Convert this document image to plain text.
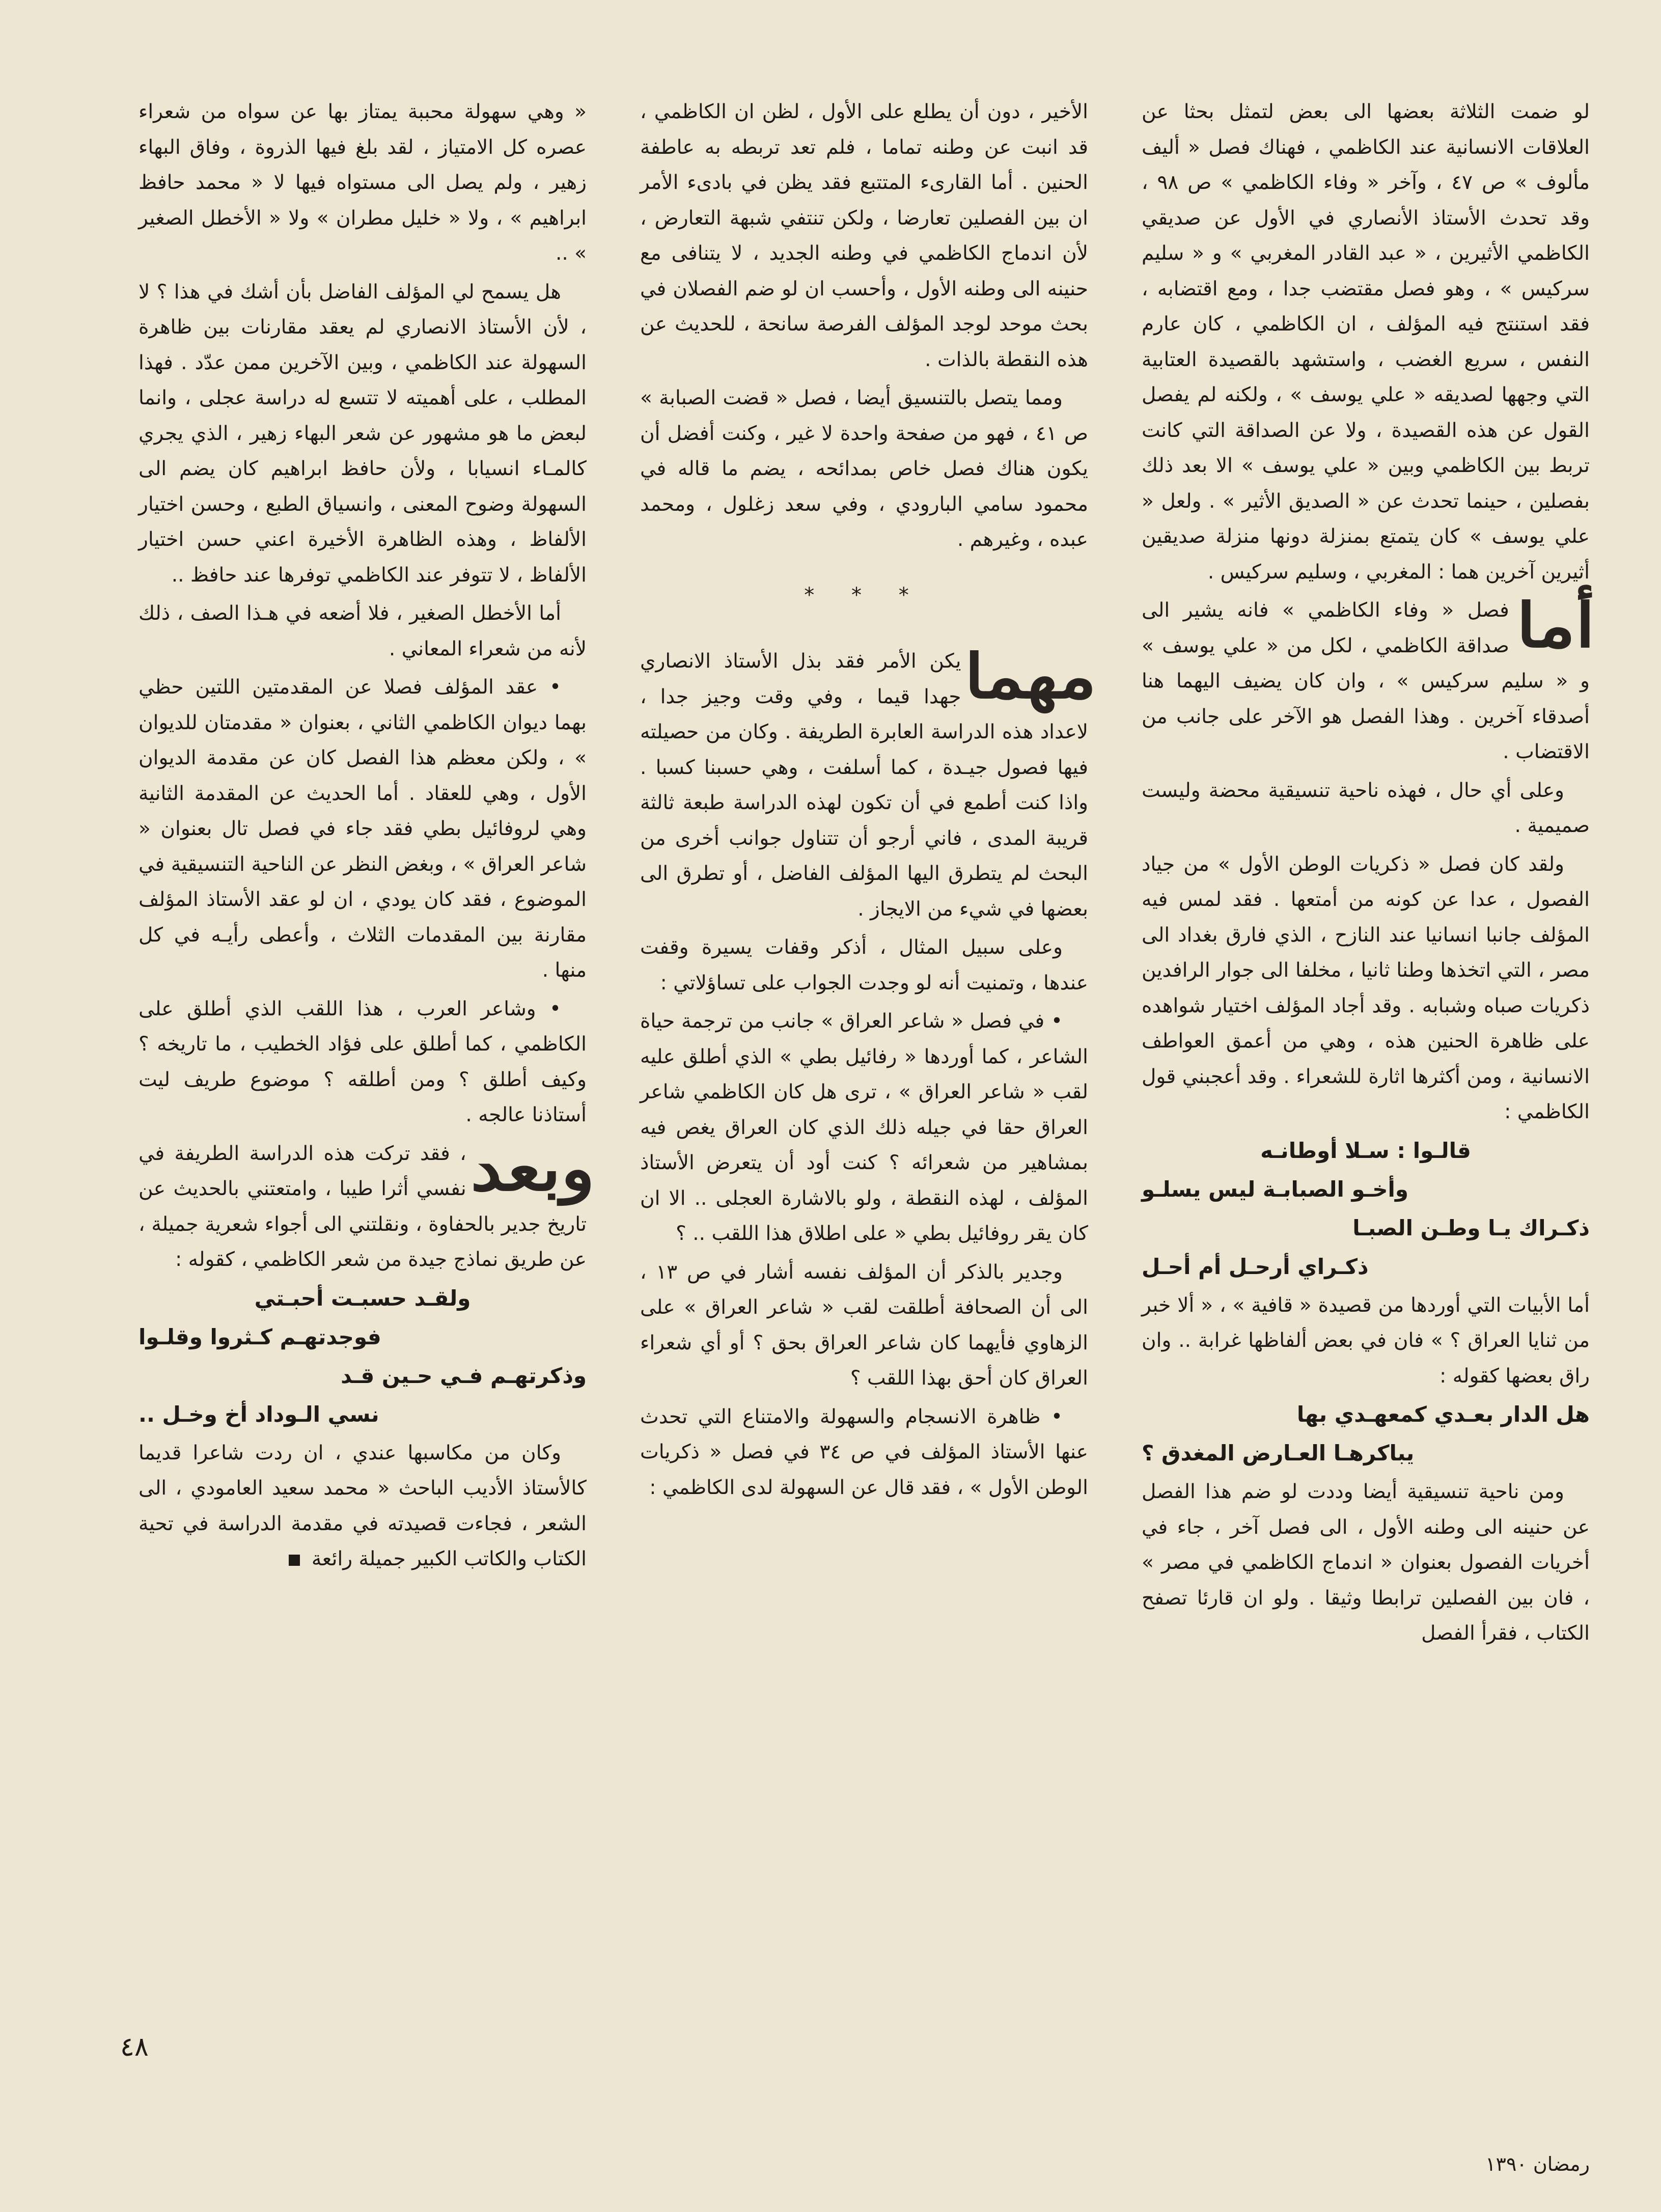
لو ضمت الثلاثة بعضها الى بعض لتمثل بحثا عن العلاقات الانسانية عند الكاظمي ، فهناك فصل « أليف مألوف » ص ٤٧ ، وآخر « وفاء الكاظمي » ص ٩٨ ، وقد تحدث الأستاذ الأنصاري في الأول عن صديقي الكاظمي الأثيرين ، « عبد القادر المغربي » و « سليم سركيس » ، وهو فصل مقتضب جدا ، ومع اقتضابه ، فقد استنتج فيه المؤلف ، ان الكاظمي ، كان عارم النفس ، سريع الغضب ، واستشهد بالقصيدة العتابية التي وجهها لصديقه « علي يوسف » ، ولكنه لم يفصل القول عن هذه القصيدة ، ولا عن الصداقة التي كانت تربط بين الكاظمي وبين « علي يوسف » الا بعد ذلك بفصلين ، حينما تحدث عن « الصديق الأثير » . ولعل « علي يوسف » كان يتمتع بمنزلة دونها منزلة صديقين أثيرين آخرين هما : المغربي ، وسليم سركيس .

أما
فصل « وفاء الكاظمي » فانه يشير الى صداقة الكاظمي ، لكل من « علي يوسف » و « سليم سركيس » ، وان كان يضيف اليهما هنا أصدقاء آخرين . وهذا الفصل هو الآخر على جانب من الاقتضاب .

وعلى أي حال ، فهذه ناحية تنسيقية محضة وليست صميمية .

ولقد كان فصل « ذكريات الوطن الأول » من جياد الفصول ، عدا عن كونه من أمتعها . فقد لمس فيه المؤلف جانبا انسانيا عند النازح ، الذي فارق بغداد الى مصر ، التي اتخذها وطنا ثانيا ، مخلفا الى جوار الرافدين ذكريات صباه وشبابه . وقد أجاد المؤلف اختيار شواهده على ظاهرة الحنين هذه ، وهي من أعمق العواطف الانسانية ، ومن أكثرها اثارة للشعراء . وقد أعجبني قول الكاظمي :

قالـوا : سـلا أوطانـه

وأخـو الصبابـة ليس يسلـو

ذكـراك يـا وطـن الصبـا

ذكـراي أرحـل أم أحـل

أما الأبيات التي أوردها من قصيدة « قافية » ، « ألا خبر من ثنايا العراق ؟ » فان في بعض ألفاظها غرابة .. وان راق بعضها كقوله :

هل الدار بعـدي كمعهـدي بها

يباكرهـا العـارض المغدق ؟

ومن ناحية تنسيقية أيضا وددت لو ضم هذا الفصل عن حنينه الى وطنه الأول ، الى فصل آخر ، جاء في أخريات الفصول بعنوان « اندماج الكاظمي في مصر » ، فان بين الفصلين ترابطا وثيقا . ولو ان قارئا تصفح الكتاب ، فقرأ الفصل

الأخير ، دون أن يطلع على الأول ، لظن ان الكاظمي ، قد انبت عن وطنه تماما ، فلم تعد تربطه به عاطفة الحنين . أما القارىء المتتبع فقد يظن في بادىء الأمر ان بين الفصلين تعارضا ، ولكن تنتفي شبهة التعارض ، لأن اندماج الكاظمي في وطنه الجديد ، لا يتنافى مع حنينه الى وطنه الأول ، وأحسب ان لو ضم الفصلان في بحث موحد لوجد المؤلف الفرصة سانحة ، للحديث عن هذه النقطة بالذات .

ومما يتصل بالتنسيق أيضا ، فصل « قضت الصبابة » ص ٤١ ، فهو من صفحة واحدة لا غير ، وكنت أفضل أن يكون هناك فصل خاص بمدائحه ، يضم ما قاله في محمود سامي البارودي ، وفي سعد زغلول ، ومحمد عبده ، وغيرهم .

* * *

مهما
يكن الأمر فقد بذل الأستاذ الانصاري جهدا قيما ، وفي وقت وجيز جدا ، لاعداد هذه الدراسة العابرة الطريفة . وكان من حصيلته فيها فصول جيـدة ، كما أسلفت ، وهي حسبنا كسبا . واذا كنت أطمع في أن تكون لهذه الدراسة طبعة ثالثة قريبة المدى ، فاني أرجو أن تتناول جوانب أخرى من البحث لم يتطرق اليها المؤلف الفاضل ، أو تطرق الى بعضها في شيء من الايجاز .

وعلى سبيل المثال ، أذكر وقفات يسيرة وقفت عندها ، وتمنيت أنه لو وجدت الجواب على تساؤلاتي :

• في فصل « شاعر العراق » جانب من ترجمة حياة الشاعر ، كما أوردها « رفائيل بطي » الذي أطلق عليه لقب « شاعر العراق » ، ترى هل كان الكاظمي شاعر العراق حقا في جيله ذلك الذي كان العراق يغص فيه بمشاهير من شعرائه ؟ كنت أود أن يتعرض الأستاذ المؤلف ، لهذه النقطة ، ولو بالاشارة العجلى .. الا ان كان يقر روفائيل بطي « على اطلاق هذا اللقب .. ؟

وجدير بالذكر أن المؤلف نفسه أشار في ص ١٣ ، الى أن الصحافة أطلقت لقب « شاعر العراق » على الزهاوي فأيهما كان شاعر العراق بحق ؟ أو أي شعراء العراق كان أحق بهذا اللقب ؟

• ظاهرة الانسجام والسهولة والامتناع التي تحدث عنها الأستاذ المؤلف في ص ٣٤ في فصل « ذكريات الوطن الأول » ، فقد قال عن السهولة لدى الكاظمي :

« وهي سهولة محببة يمتاز بها عن سواه من شعراء عصره كل الامتياز ، لقد بلغ فيها الذروة ، وفاق البهاء زهير ، ولم يصل الى مستواه فيها لا « محمد حافظ ابراهيم » ، ولا « خليل مطران » ولا « الأخطل الصغير » ..

هل يسمح لي المؤلف الفاضل بأن أشك في هذا ؟ لا ، لأن الأستاذ الانصاري لم يعقد مقارنات بين ظاهرة السهولة عند الكاظمي ، وبين الآخرين ممن عدّد . فهذا المطلب ، على أهميته لا تتسع له دراسة عجلى ، وانما لبعض ما هو مشهور عن شعر البهاء زهير ، الذي يجري كالمـاء انسيابا ، ولأن حافظ ابراهيم كان يضم الى السهولة وضوح المعنى ، وانسياق الطبع ، وحسن اختيار الألفاظ ، وهذه الظاهرة الأخيرة اعني حسن اختيار الألفاظ ، لا تتوفر عند الكاظمي توفرها عند حافظ ..

أما الأخطل الصغير ، فلا أضعه في هـذا الصف ، ذلك لأنه من شعراء المعاني .

• عقد المؤلف فصلا عن المقدمتين اللتين حظي بهما ديوان الكاظمي الثاني ، بعنوان « مقدمتان للديوان » ، ولكن معظم هذا الفصل كان عن مقدمة الديوان الأول ، وهي للعقاد . أما الحديث عن المقدمة الثانية وهي لروفائيل بطي فقد جاء في فصل تال بعنوان « شاعر العراق » ، وبغض النظر عن الناحية التنسيقية في الموضوع ، فقد كان يودي ، ان لو عقد الأستاذ المؤلف مقارنة بين المقدمات الثلاث ، وأعطى رأيـه في كل منها .

• وشاعر العرب ، هذا اللقب الذي أطلق على الكاظمي ، كما أطلق على فؤاد الخطيب ، ما تاريخه ؟ وكيف أطلق ؟ ومن أطلقه ؟ موضوع طريف ليت أستاذنا عالجه .

وبعد
، فقد تركت هذه الدراسة الطريفة في نفسي أثرا طيبا ، وامتعتني بالحديث عن تاريخ جدير بالحفاوة ، ونقلتني الى أجواء شعرية جميلة ، عن طريق نماذج جيدة من شعر الكاظمي ، كقوله :

ولقـد حسبـت أحبـتي

فوجدتهـم كـثروا وقلـوا

وذكرتهـم فـي حـين قـد

نسي الـوداد أخ وخـل ..

وكان من مكاسبها عندي ، ان ردت شاعرا قديما كالأستاذ الأديب الباحث « محمد سعيد العامودي ، الى الشعر ، فجاءت قصيدته في مقدمة الدراسة في تحية الكتاب والكاتب الكبير جميلة رائعة

٤٨
رمضان ١٣٩٠
